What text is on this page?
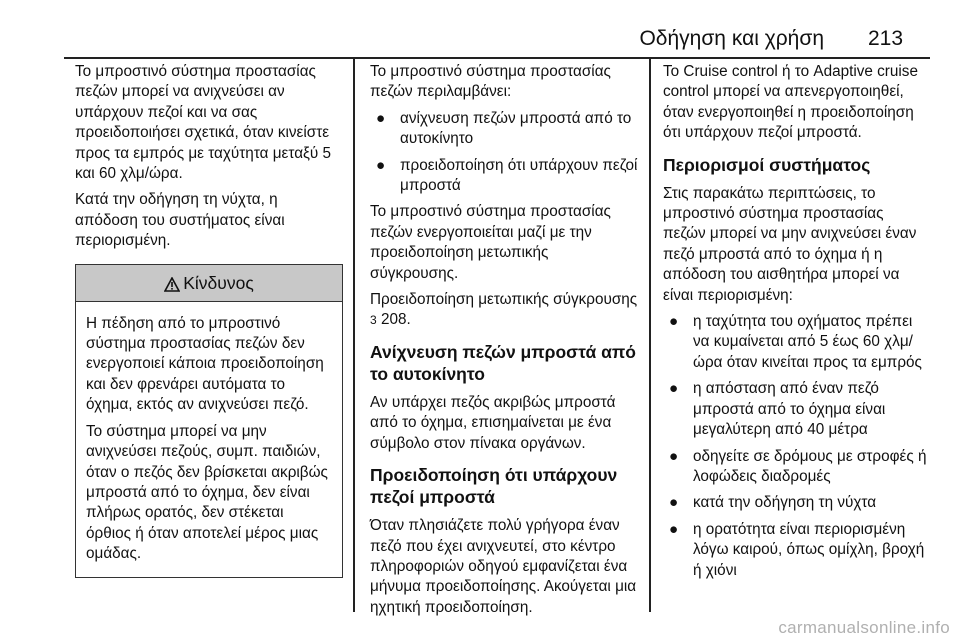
Οδήγηση και χρήση 213

Το μπροστινό σύστημα προστασίας πεζών μπορεί να ανιχνεύσει αν υπάρχουν πεζοί και να σας προειδοποιήσει σχετικά, όταν κινείστε προς τα εμπρός με ταχύτητα μεταξύ 5 και 60 χλμ/ώρα.

Κατά την οδήγηση τη νύχτα, η απόδοση του συστήματος είναι περιορισμένη.

Κίνδυνος

Η πέδηση από το μπροστινό σύστημα προστασίας πεζών δεν ενεργοποιεί κάποια προειδοποίηση και δεν φρενάρει αυτόματα το όχημα, εκτός αν ανιχνεύσει πεζό.

Το σύστημα μπορεί να μην ανιχνεύσει πεζούς, συμπ. παιδιών, όταν ο πεζός δεν βρίσκεται ακριβώς μπροστά από το όχημα, δεν είναι πλήρως ορατός, δεν στέκεται όρθιος ή όταν αποτελεί μέρος μιας ομάδας.

Το μπροστινό σύστημα προστασίας πεζών περιλαμβάνει:

● ανίχνευση πεζών μπροστά από το αυτοκίνητο
● προειδοποίηση ότι υπάρχουν πεζοί μπροστά

Το μπροστινό σύστημα προστασίας πεζών ενεργοποιείται μαζί με την προειδοποίηση μετωπικής σύγκρουσης.

Προειδοποίηση μετωπικής σύγκρουσης 3 208.

Ανίχνευση πεζών μπροστά από το αυτοκίνητο

Αν υπάρχει πεζός ακριβώς μπροστά από το όχημα, επισημαίνεται με ένα σύμβολο στον πίνακα οργάνων.

Προειδοποίηση ότι υπάρχουν πεζοί μπροστά

Όταν πλησιάζετε πολύ γρήγορα έναν πεζό που έχει ανιχνευτεί, στο κέντρο πληροφοριών οδηγού εμφανίζεται ένα μήνυμα προειδοποίησης. Ακούγεται μια ηχητική προειδοποίηση.

Το Cruise control ή το Adaptive cruise control μπορεί να απενεργοποιηθεί, όταν ενεργοποιηθεί η προειδοποίηση ότι υπάρχουν πεζοί μπροστά.

Περιορισμοί συστήματος

Στις παρακάτω περιπτώσεις, το μπροστινό σύστημα προστασίας πεζών μπορεί να μην ανιχνεύσει έναν πεζό μπροστά από το όχημα ή η απόδοση του αισθητήρα μπορεί να είναι περιορισμένη:

● η ταχύτητα του οχήματος πρέπει να κυμαίνεται από 5 έως 60 χλμ/ώρα όταν κινείται προς τα εμπρός
● η απόσταση από έναν πεζό μπροστά από το όχημα είναι μεγαλύτερη από 40 μέτρα
● οδηγείτε σε δρόμους με στροφές ή λοφώδεις διαδρομές
● κατά την οδήγηση τη νύχτα
● η ορατότητα είναι περιορισμένη λόγω καιρού, όπως ομίχλη, βροχή ή χιόνι
carmanualsonline.info
